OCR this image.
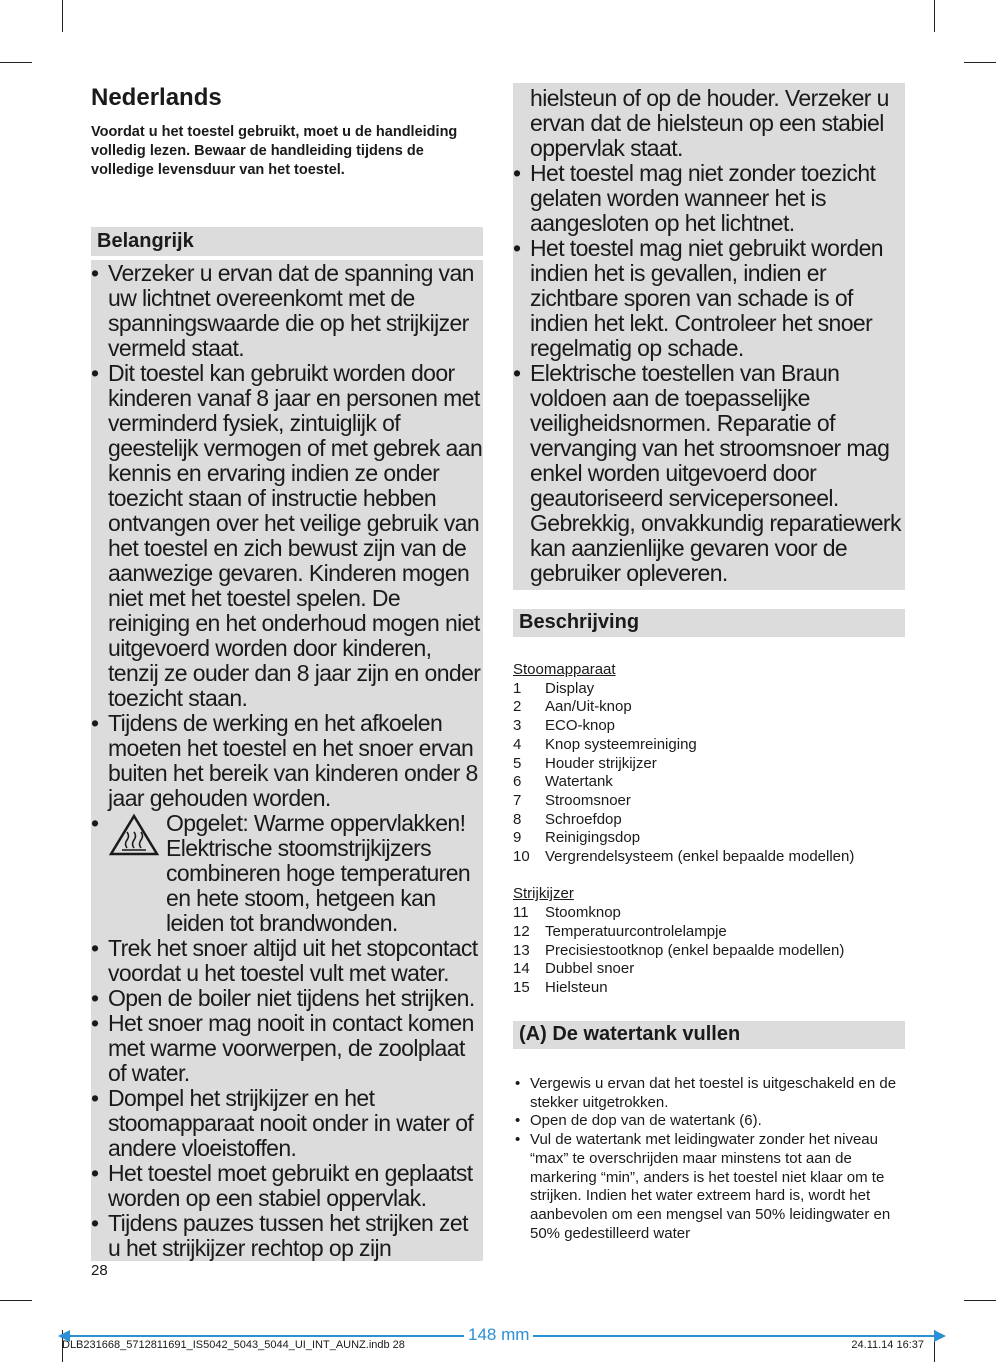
Nederlands

Voordat u het toestel gebruikt, moet u de handleiding volledig lezen. Bewaar de handleiding tijdens de volledige levensduur van het toestel.

Belangrijk
• Verzeker u ervan dat de spanning van uw lichtnet overeenkomt met de spanningswaarde die op het strijkijzer vermeld staat.
• Dit toestel kan gebruikt worden door kinderen vanaf 8 jaar en personen met verminderd fysiek, zintuiglijk of geestelijk vermogen of met gebrek aan kennis en ervaring indien ze onder toezicht staan of instructie hebben ontvangen over het veilige gebruik van het toestel en zich bewust zijn van de aanwezige gevaren. Kinderen mogen niet met het toestel spelen. De reiniging en het onderhoud mogen niet uitgevoerd worden door kinderen, tenzij ze ouder dan 8 jaar zijn en onder toezicht staan.
• Tijdens de werking en het afkoelen moeten het toestel en het snoer ervan buiten het bereik van kinderen onder 8 jaar gehouden worden.
• Opgelet: Warme oppervlakken! Elektrische stoomstrijkijzers combineren hoge temperaturen en hete stoom, hetgeen kan leiden tot brandwonden.
• Trek het snoer altijd uit het stopcontact voordat u het toestel vult met water.
• Open de boiler niet tijdens het strijken.
• Het snoer mag nooit in contact komen met warme voorwerpen, de zoolplaat of water.
• Dompel het strijkijzer en het stoomapparaat nooit onder in water of andere vloeistoffen.
• Het toestel moet gebruikt en geplaatst worden op een stabiel oppervlak.
• Tijdens pauzes tussen het strijken zet u het strijkijzer rechtop op zijn
hielsteun of op de houder. Verzeker u ervan dat de hielsteun op een stabiel oppervlak staat.
• Het toestel mag niet zonder toezicht gelaten worden wanneer het is aangesloten op het lichtnet.
• Het toestel mag niet gebruikt worden indien het is gevallen, indien er zichtbare sporen van schade is of indien het lekt. Controleer het snoer regelmatig op schade.
• Elektrische toestellen van Braun voldoen aan de toepasselijke veiligheidsnormen. Reparatie of vervanging van het stroomsnoer mag enkel worden uitgevoerd door geautoriseerd servicepersoneel. Gebrekkig, onvakkundig reparatiewerk kan aanzienlijke gevaren voor de gebruiker opleveren.
Beschrijving
Stoomapparaat
1	Display
2	Aan/Uit-knop
3	ECO-knop
4	Knop systeemreiniging
5	Houder strijkijzer
6	Watertank
7	Stroomsnoer
8	Schroefdop
9	Reinigingsdop
10	Vergrendelsysteem (enkel bepaalde modellen)
Strijkijzer
11	Stoomknop
12	Temperatuurcontrolelampje
13	Precisiestootknop (enkel bepaalde modellen)
14	Dubbel snoer
15	Hielsteun
(A) De watertank vullen
• Vergewis u ervan dat het toestel is uitgeschakeld en de stekker uitgetrokken.
• Open de dop van de watertank (6).
• Vul de watertank met leidingwater zonder het niveau “max” te overschrijden maar minstens tot aan de markering “min”, anders is het toestel niet klaar om te strijken. Indien het water extreem hard is, wordt het aanbevolen om een mengsel van 50% leidingwater en 50% gedestilleerd water
28
148 mm
DLB231668_5712811691_IS5042_5043_5044_UI_INT_AUNZ.indb 28	24.11.14 16:37
